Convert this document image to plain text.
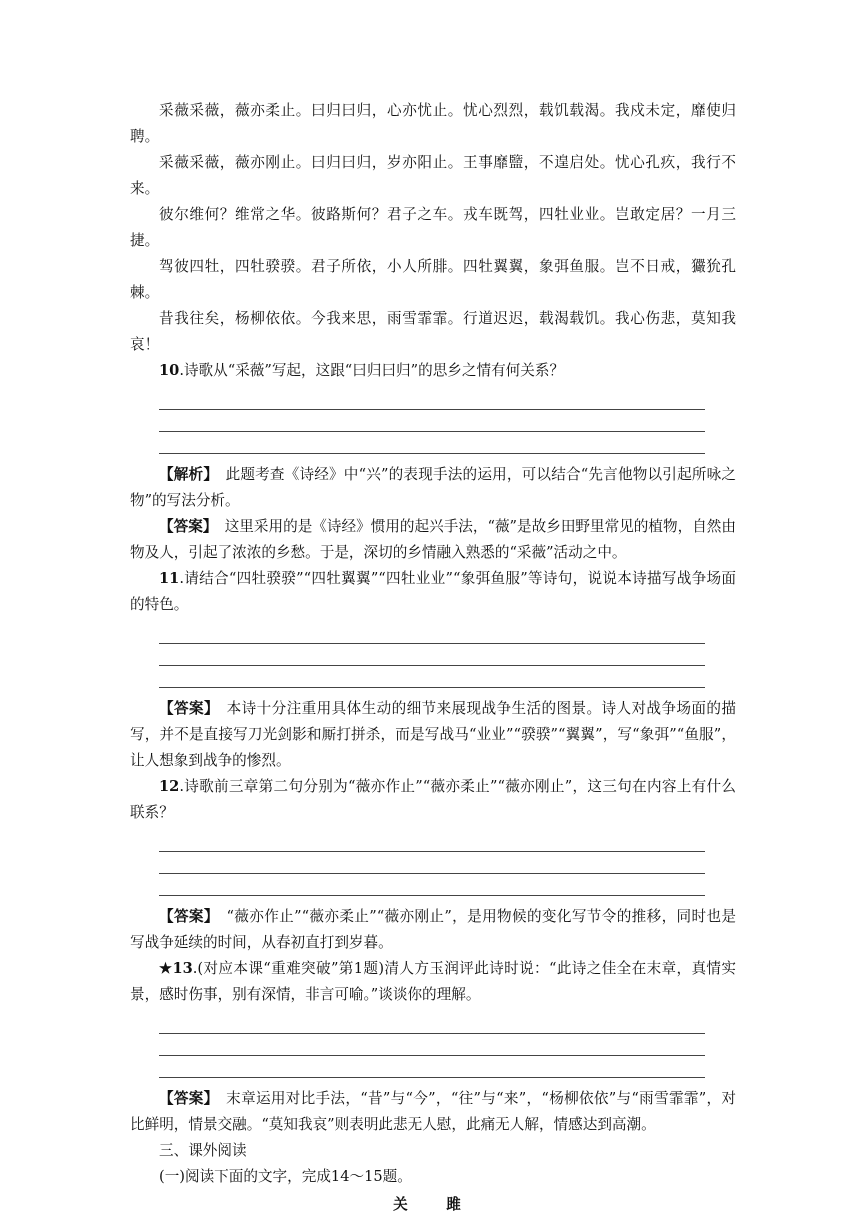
采薇采薇，薇亦柔止。曰归曰归，心亦忧止。忧心烈烈，载饥载渴。我戍未定，靡使归聘。

采薇采薇，薇亦刚止。曰归曰归，岁亦阳止。王事靡盬，不遑启处。忧心孔疚，我行不来。

彼尔维何？维常之华。彼路斯何？君子之车。戎车既驾，四牡业业。岂敢定居？一月三捷。

驾彼四牡，四牡骙骙。君子所依，小人所腓。四牡翼翼，象弭鱼服。岂不日戒，玁狁孔棘。

昔我往矣，杨柳依依。今我来思，雨雪霏霏。行道迟迟，载渴载饥。我心伤悲，莫知我哀！

10.诗歌从“采薇”写起，这跟“曰归曰归”的思乡之情有何关系？

【解析】　此题考查《诗经》中“兴”的表现手法的运用，可以结合“先言他物以引起所咏之物”的写法分析。

【答案】　这里采用的是《诗经》惯用的起兴手法，“薇”是故乡田野里常见的植物，自然由物及人，引起了浓浓的乡愁。于是，深切的乡情融入熟悉的“采薇”活动之中。

11.请结合“四牡骙骙”“四牡翼翼”“四牡业业”“象弭鱼服”等诗句，说说本诗描写战争场面的特色。

【答案】　本诗十分注重用具体生动的细节来展现战争生活的图景。诗人对战争场面的描写，并不是直接写刀光剑影和厮打拼杀，而是写战马“业业”“骙骙”“翼翼”，写“象弭”“鱼服”，让人想象到战争的惨烈。

12.诗歌前三章第二句分别为“薇亦作止”“薇亦柔止”“薇亦刚止”，这三句在内容上有什么联系？

【答案】　“薇亦作止”“薇亦柔止”“薇亦刚止”，是用物候的变化写节令的推移，同时也是写战争延续的时间，从春初直打到岁暮。

★13.(对应本课“重难突破”第1题)清人方玉润评此诗时说：“此诗之佳全在末章，真情实景，感时伤事，别有深情，非言可喻。”谈谈你的理解。

【答案】　末章运用对比手法，“昔”与“今”，“往”与“来”，“杨柳依依”与“雨雪霏霏”，对比鲜明，情景交融。“莫知我哀”则表明此悲无人慰，此痛无人解，情感达到高潮。

三、课外阅读

(一)阅读下面的文字，完成14～15题。

关　雎
